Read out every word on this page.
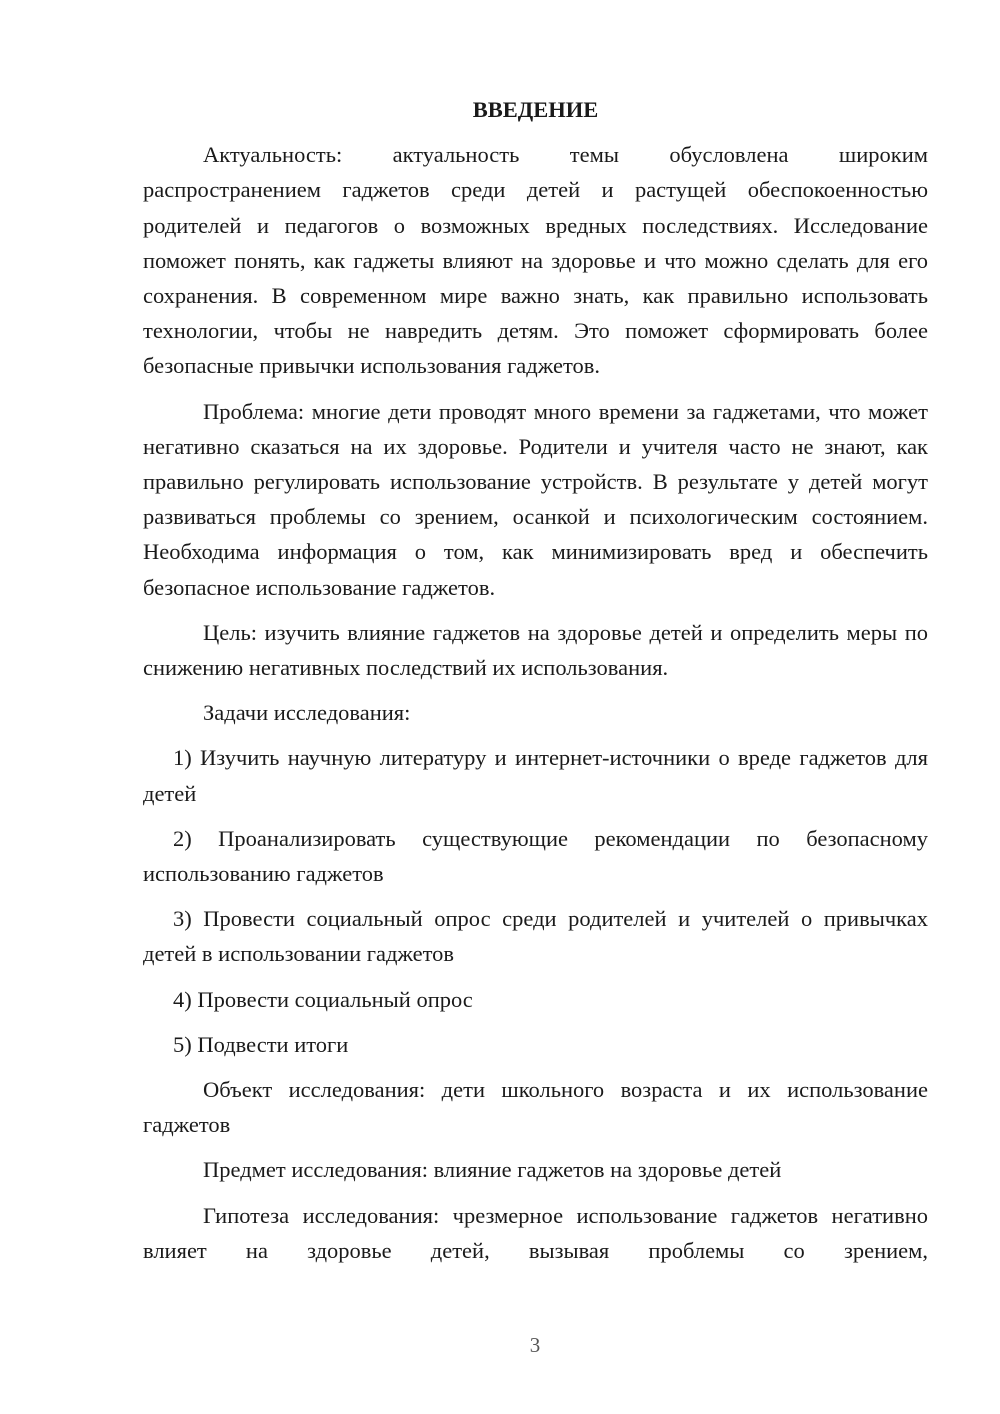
ВВЕДЕНИЕ

Актуальность: актуальность темы обусловлена широким распространением гаджетов среди детей и растущей обеспокоенностью родителей и педагогов о возможных вредных последствиях. Исследование поможет понять, как гаджеты влияют на здоровье и что можно сделать для его сохранения. В современном мире важно знать, как правильно использовать технологии, чтобы не навредить детям. Это поможет сформировать более безопасные привычки использования гаджетов.

Проблема: многие дети проводят много времени за гаджетами, что может негативно сказаться на их здоровье. Родители и учителя часто не знают, как правильно регулировать использование устройств. В результате у детей могут развиваться проблемы со зрением, осанкой и психологическим состоянием. Необходима информация о том, как минимизировать вред и обеспечить безопасное использование гаджетов.

Цель: изучить влияние гаджетов на здоровье детей и определить меры по снижению негативных последствий их использования.

Задачи исследования:

1) Изучить научную литературу и интернет-источники о вреде гаджетов для детей

2) Проанализировать существующие рекомендации по безопасному использованию гаджетов

3) Провести социальный опрос среди родителей и учителей о привычках детей в использовании гаджетов

4) Провести социальный опрос

5) Подвести итоги

Объект исследования: дети школьного возраста и их использование гаджетов

Предмет исследования: влияние гаджетов на здоровье детей

Гипотеза исследования: чрезмерное использование гаджетов негативно влияет на здоровье детей, вызывая проблемы со зрением,

3
